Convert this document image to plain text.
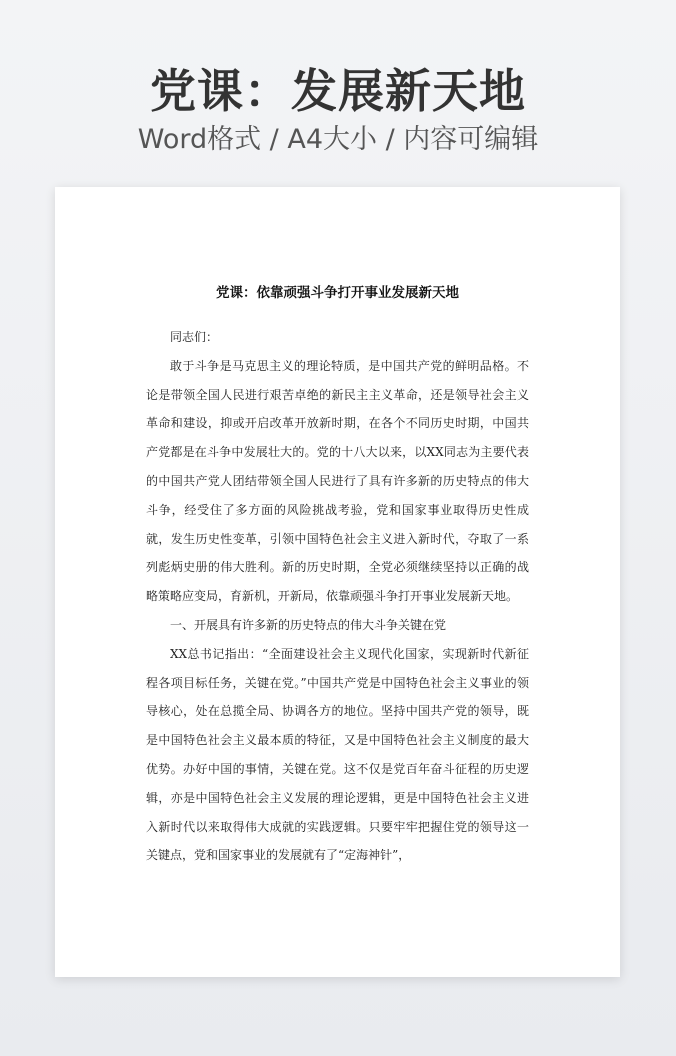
党课：发展新天地
Word格式 / A4大小 / 内容可编辑
党课：依靠顽强斗争打开事业发展新天地

同志们：

敢于斗争是马克思主义的理论特质，是中国共产党的鲜明品格。不论是带领全国人民进行艰苦卓绝的新民主主义革命，还是领导社会主义革命和建设，抑或开启改革开放新时期，在各个不同历史时期，中国共产党都是在斗争中发展壮大的。党的十八大以来，以XX同志为主要代表的中国共产党人团结带领全国人民进行了具有许多新的历史特点的伟大斗争，经受住了多方面的风险挑战考验，党和国家事业取得历史性成就，发生历史性变革，引领中国特色社会主义进入新时代，夺取了一系列彪炳史册的伟大胜利。新的历史时期，全党必须继续坚持以正确的战略策略应变局，育新机，开新局，依靠顽强斗争打开事业发展新天地。

一、开展具有许多新的历史特点的伟大斗争关键在党

XX总书记指出：“全面建设社会主义现代化国家，实现新时代新征程各项目标任务，关键在党。”中国共产党是中国特色社会主义事业的领导核心，处在总揽全局、协调各方的地位。坚持中国共产党的领导，既是中国特色社会主义最本质的特征，又是中国特色社会主义制度的最大优势。办好中国的事情，关键在党。这不仅是党百年奋斗征程的历史逻辑，亦是中国特色社会主义发展的理论逻辑，更是中国特色社会主义进入新时代以来取得伟大成就的实践逻辑。只要牢牢把握住党的领导这一关键点，党和国家事业的发展就有了“定海神针”，
